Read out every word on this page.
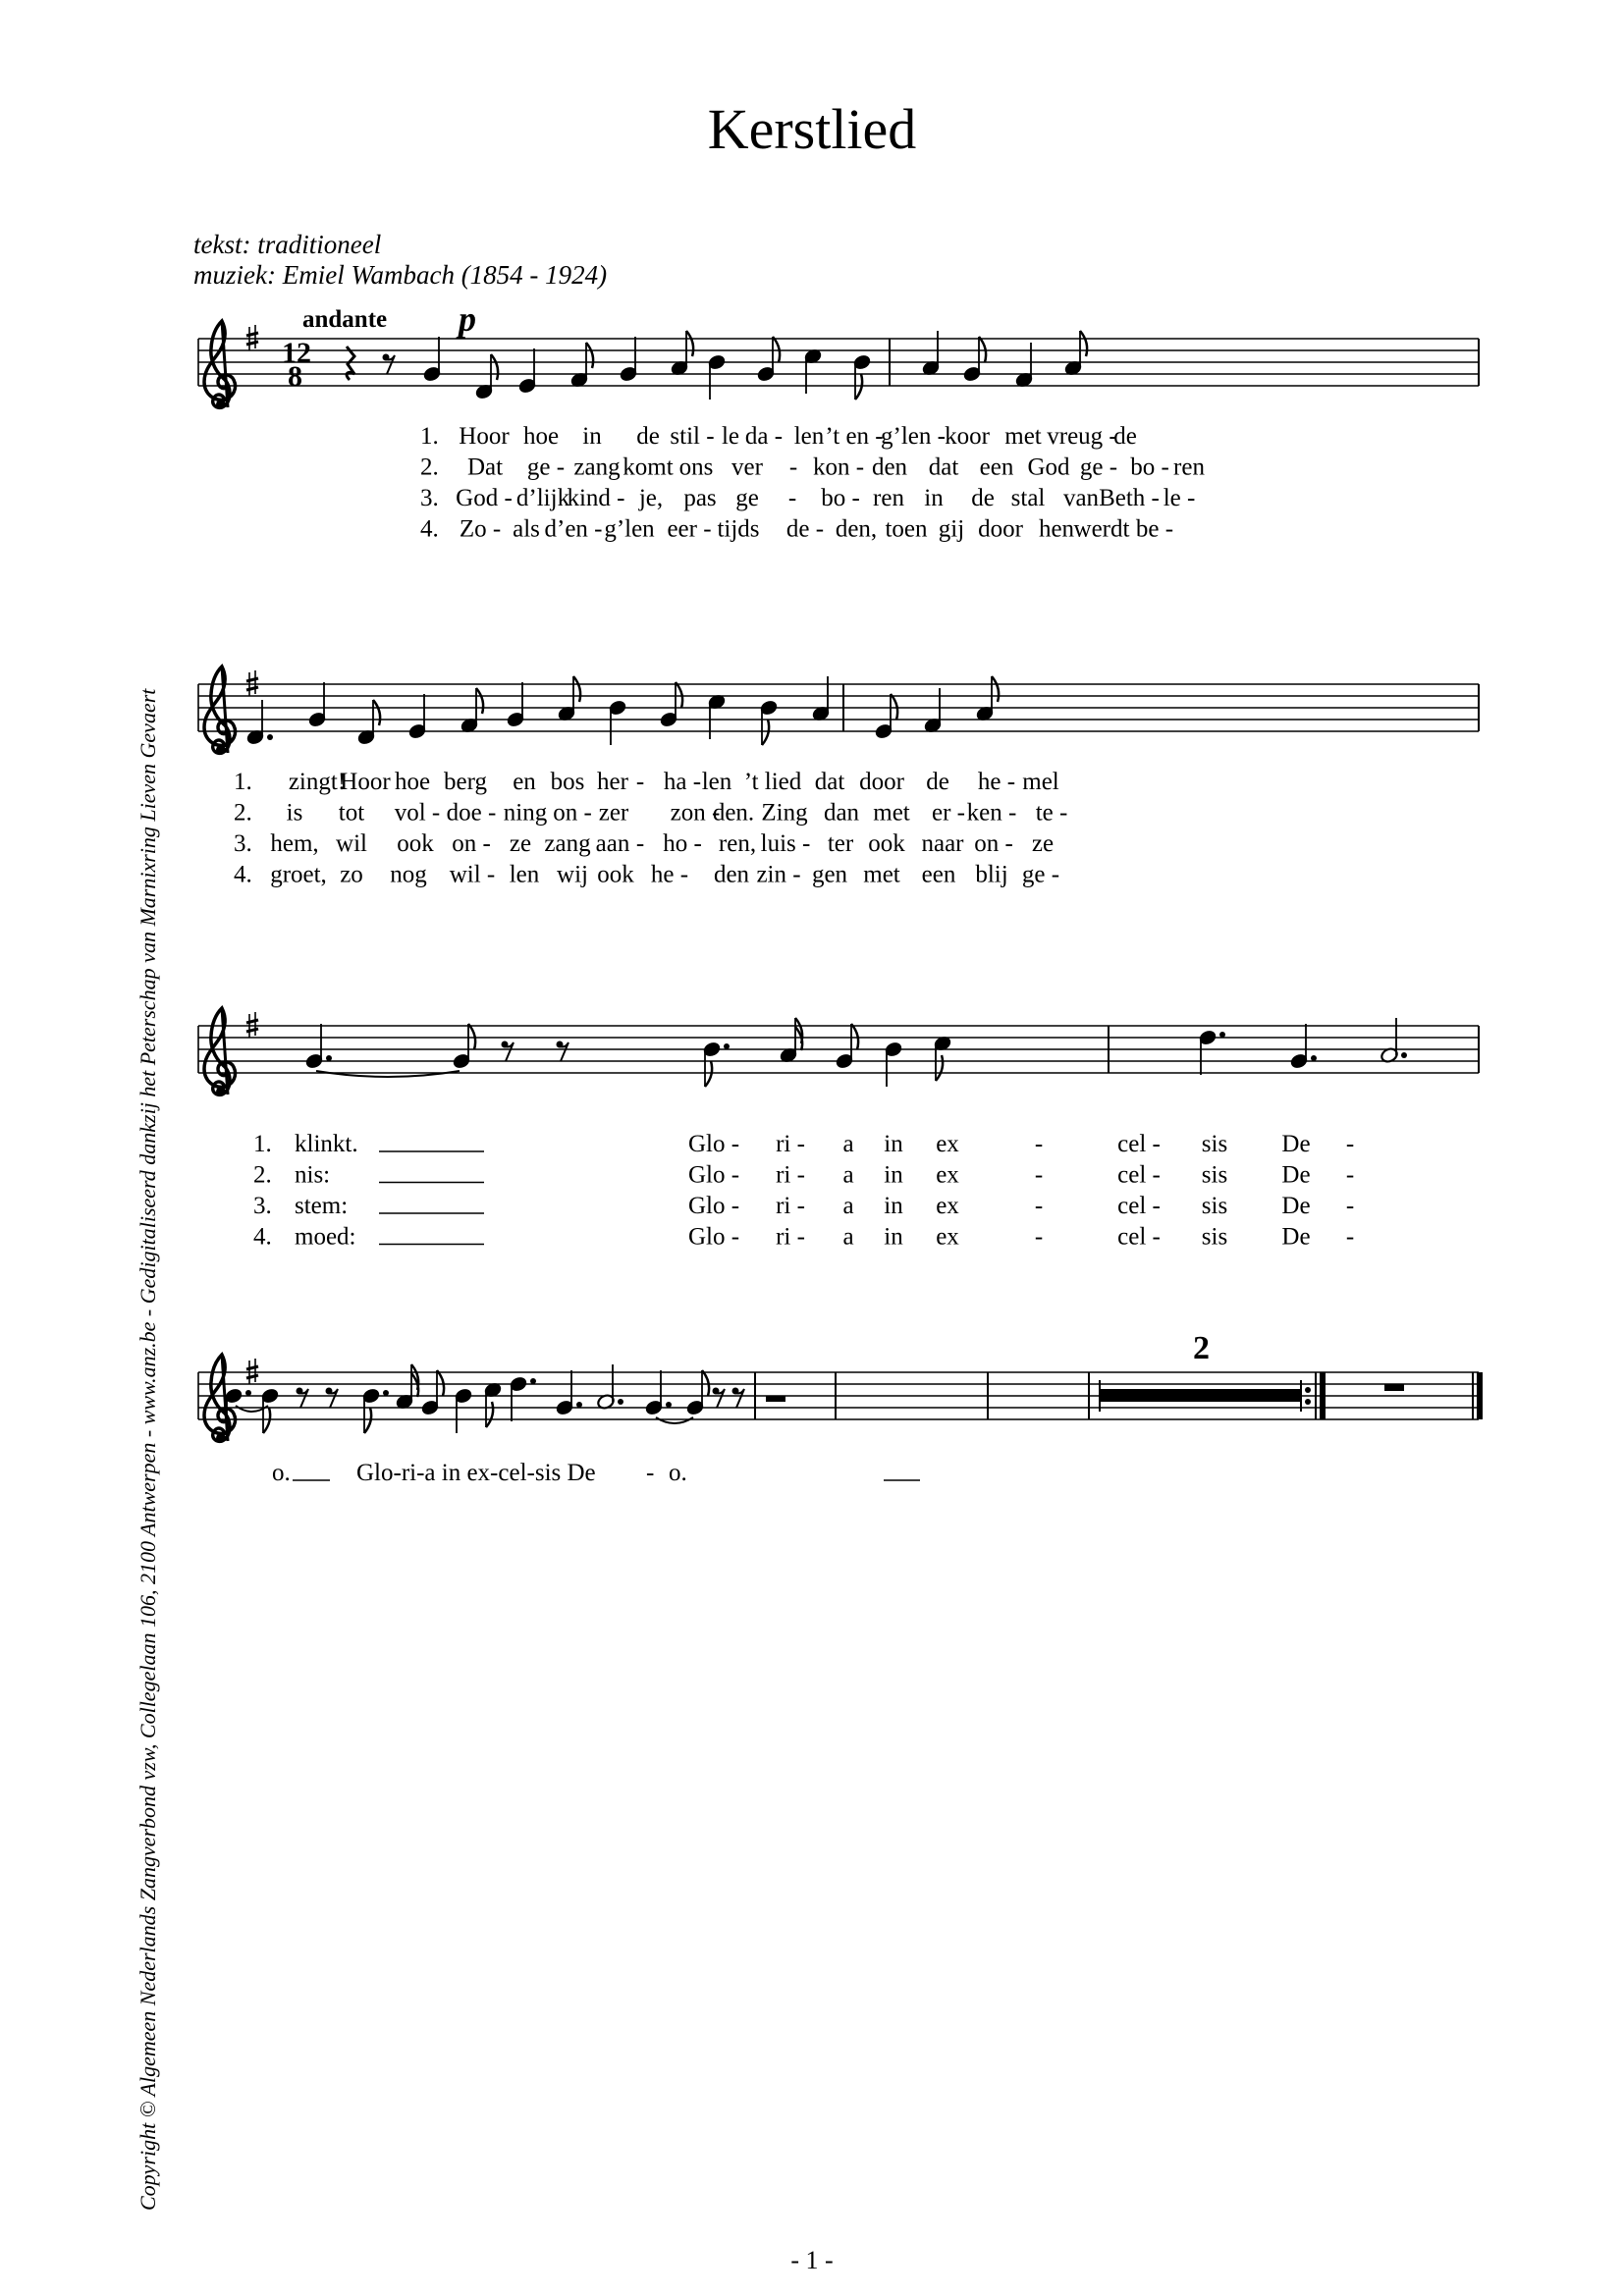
Kerstlied
tekst: traditioneel
muziek: Emiel Wambach (1854 - 1924)
Copyright © Algemeen Nederlands Zangverbond vzw, Collegelaan 106, 2100 Antwerpen - www.anz.be - Gedigitaliseerd dankzij het Peterschap van Marnixring Lieven Gevaert
- 1 -
2
12
8
andante p
1. Hoor hoe in de stil - le da - len ’t en -
g’len - koor met vreug -
de
2. Dat ge - zang komt ons ver - kon - den dat een God ge - bo - ren
3. God - d’lijk
kind - je, pas ge - bo - ren in de stal van Beth - le -
4. Zo - als d’en - g’len eer - tijds de - den, toen gij door hen werdt be -
1. zingt!
Hoor hoe berg en bos her - ha - len ’t lied dat door de he - mel
2. is tot vol - doe - ning on - zer zon -
den. Zing dan met er - ken - te -
3. hem, wil ook on - ze zang aan - ho - ren, luis - ter ook naar on - ze
4. groet, zo nog wil - len wij ook he - den zin - gen met een blij ge -
1. klinkt.	Glo - ri - a in ex	-	cel - sis De -
2. nis:	Glo - ri - a in ex	-	cel - sis De -
3. stem:	Glo - ri - a in ex	-	cel - sis De -
4. moed:	Glo - ri - a in ex	-	cel - sis De -
o.	Glo-ri-a in ex-cel-sis De - o.
